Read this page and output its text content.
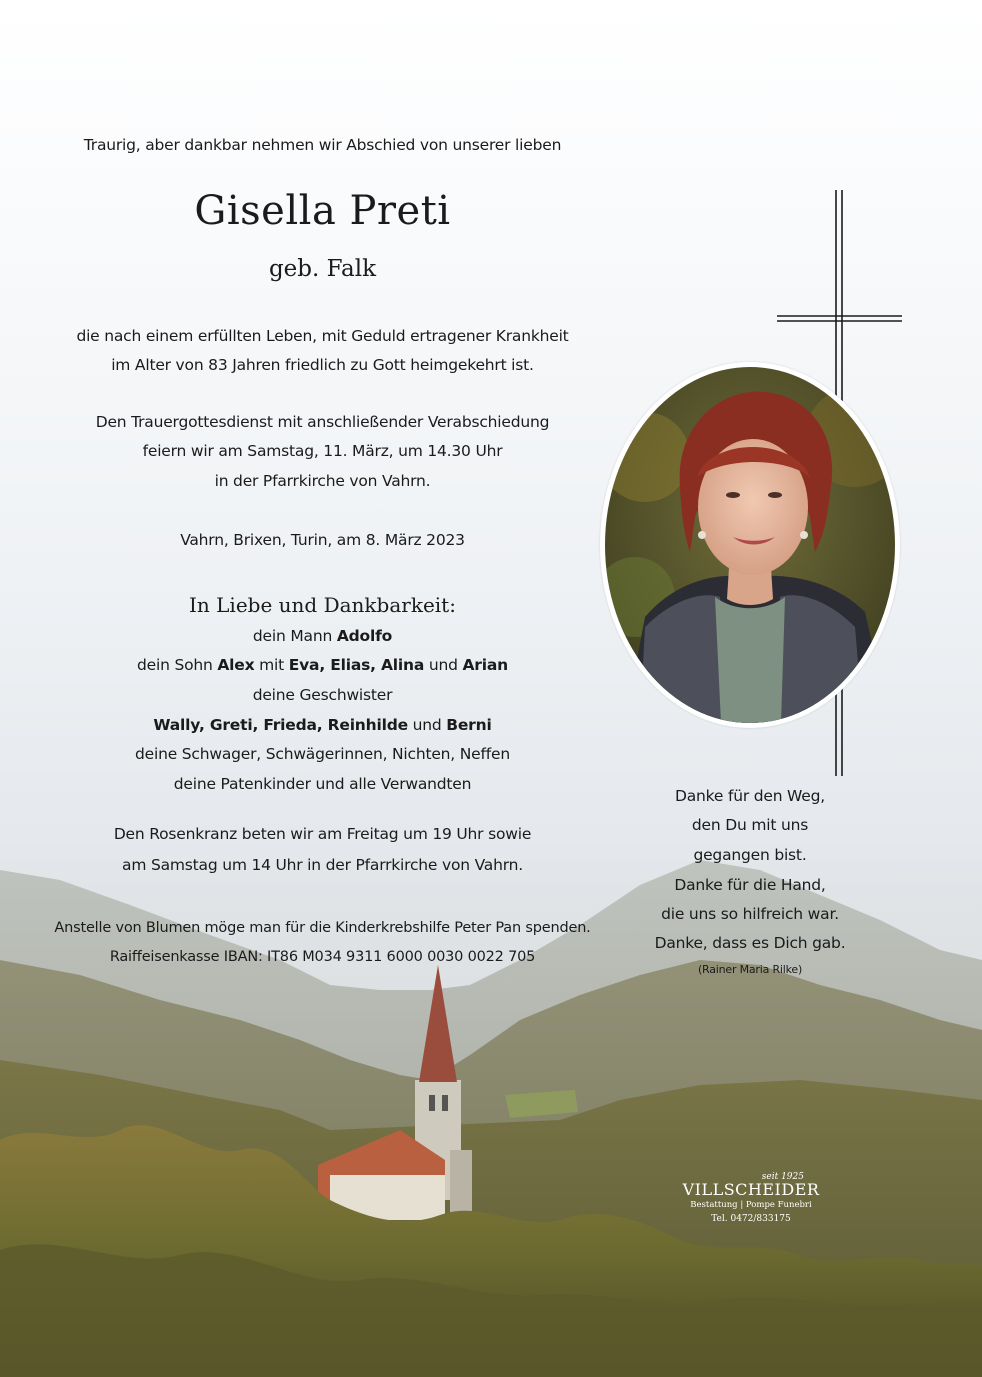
Traurig, aber dankbar nehmen wir Abschied von unserer lieben
Gisella Preti
geb. Falk
die nach einem erfüllten Leben, mit Geduld ertragener Krankheit
im Alter von 83 Jahren friedlich zu Gott heimgekehrt ist.
Den Trauergottesdienst mit anschließender Verabschiedung
feiern wir am Samstag, 11. März, um 14.30 Uhr
in der Pfarrkirche von Vahrn.
Vahrn, Brixen, Turin, am 8. März 2023
In Liebe und Dankbarkeit:
dein Mann Adolfo
dein Sohn Alex mit Eva, Elias, Alina und Arian
deine Geschwister
Wally, Greti, Frieda, Reinhilde und Berni
deine Schwager, Schwägerinnen, Nichten, Neffen
deine Patenkinder und alle Verwandten
Den Rosenkranz beten wir am Freitag um 19 Uhr sowie
am Samstag um 14 Uhr in der Pfarrkirche von Vahrn.
Anstelle von Blumen möge man für die Kinderkrebshilfe Peter Pan spenden.
Raiffeisenkasse IBAN: IT86 M034 9311 6000 0030 0022 705
Danke für den Weg,
den Du mit uns
gegangen bist.
Danke für die Hand,
die uns so hilfreich war.
Danke, dass es Dich gab.
(Rainer Maria Rilke)
seit 1925
VILLSCHEIDER
Bestattung | Pompe Funebri
Tel. 0472/833175
